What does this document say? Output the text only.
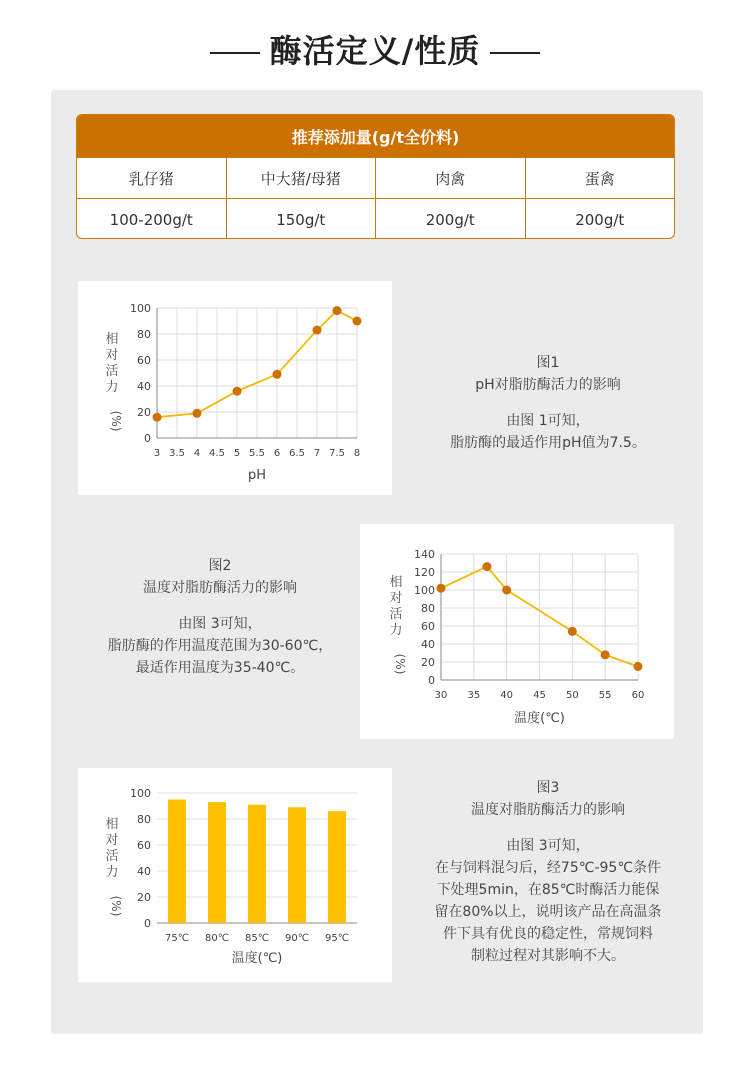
酶活定义/性质
推荐添加量(g/t全价料)
乳仔猪	中大猪/母猪	肉禽	蛋禽
100-200g/t	150g/t	200g/t	200g/t
0
20
40
60
80
100
3 3.5 4 4.5 5 5.5 6 6.5 7 7.5 8
相
对
活
力
(%)
pH

图1

pH对脂肪酶活力的影响

由图 1可知，

脂肪酶的最适作用pH值为7.5。

0
20
40
60
80
100
120
140
30 35 40 45 50 55 60
相
对
活
力
(%)
温度(℃)

图2

温度对脂肪酶活力的影响

由图 3可知，

脂肪酶的作用温度范围为30-60℃，

最适作用温度为35-40℃。

0
20
40
60
80
100
75℃ 80℃ 85℃ 90℃ 95℃
相
对
活
力
(%)
温度(℃)

图3

温度对脂肪酶活力的影响

由图 3可知，

在与饲料混匀后，经75℃-95℃条件

下处理5min，在85℃时酶活力能保

留在80%以上，说明该产品在高温条

件下具有优良的稳定性，常规饲料

制粒过程对其影响不大。
